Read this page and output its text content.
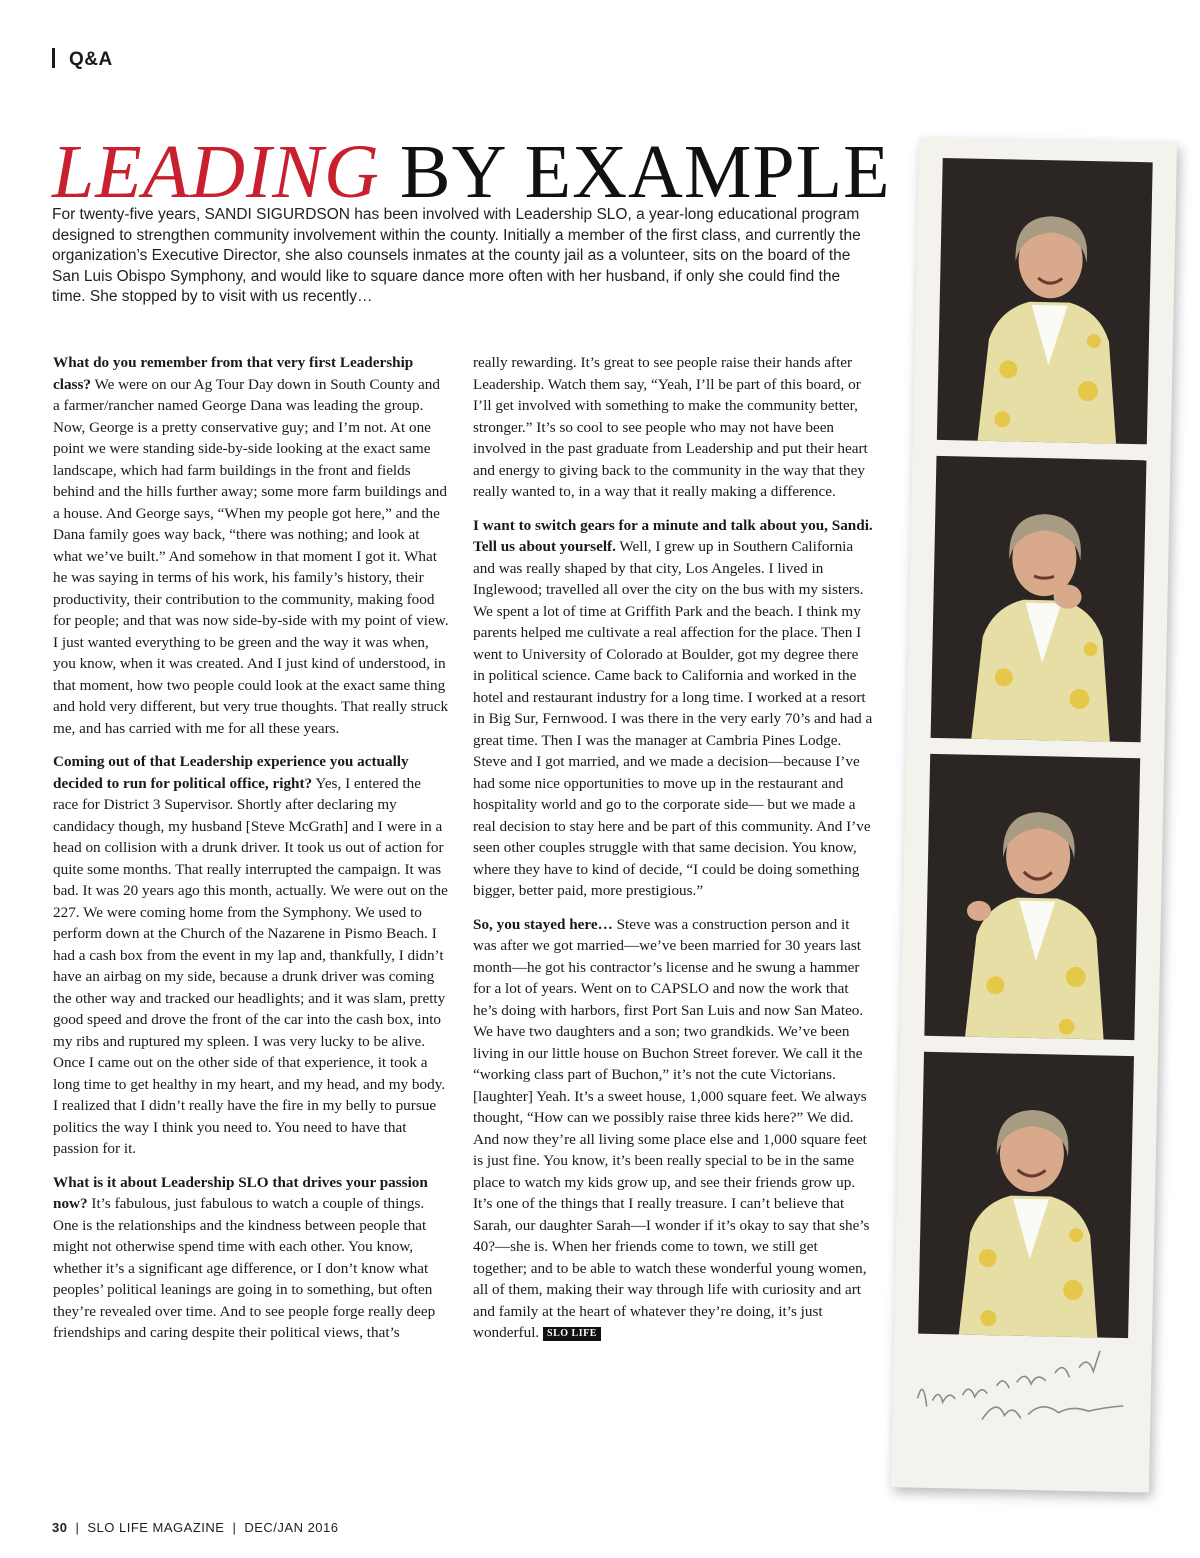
Q&A
LEADING BY EXAMPLE
For twenty-five years, SANDI SIGURDSON has been involved with Leadership SLO, a year-long educational program designed to strengthen community involvement within the county. Initially a member of the first class, and currently the organization’s Executive Director, she also counsels inmates at the county jail as a volunteer, sits on the board of the San Luis Obispo Symphony, and would like to square dance more often with her husband, if only she could find the time. She stopped by to visit with us recently…

What do you remember from that very first Leadership class? We were on our Ag Tour Day down in South County and a farmer/rancher named George Dana was leading the group. Now, George is a pretty conservative guy; and I’m not. At one point we were standing side-by-side looking at the exact same landscape, which had farm buildings in the front and fields behind and the hills further away; some more farm buildings and a house. And George says, “When my people got here,” and the Dana family goes way back, “there was nothing; and look at what we’ve built.” And somehow in that moment I got it. What he was saying in terms of his work, his family’s history, their productivity, their contribution to the community, making food for people; and that was now side-by-side with my point of view. I just wanted everything to be green and the way it was when, you know, when it was created. And I just kind of understood, in that moment, how two people could look at the exact same thing and hold very different, but very true thoughts. That really struck me, and has carried with me for all these years.

Coming out of that Leadership experience you actually decided to run for political office, right? Yes, I entered the race for District 3 Supervisor. Shortly after declaring my candidacy though, my husband [Steve McGrath] and I were in a head on collision with a drunk driver. It took us out of action for quite some months. That really interrupted the campaign. It was bad. It was 20 years ago this month, actually. We were out on the 227. We were coming home from the Symphony. We used to perform down at the Church of the Nazarene in Pismo Beach. I had a cash box from the event in my lap and, thankfully, I didn’t have an airbag on my side, because a drunk driver was coming the other way and tracked our headlights; and it was slam, pretty good speed and drove the front of the car into the cash box, into my ribs and ruptured my spleen. I was very lucky to be alive. Once I came out on the other side of that experience, it took a long time to get healthy in my heart, and my head, and my body. I realized that I didn’t really have the fire in my belly to pursue politics the way I think you need to. You need to have that passion for it.

What is it about Leadership SLO that drives your passion now? It’s fabulous, just fabulous to watch a couple of things. One is the relationships and the kindness between people that might not otherwise spend time with each other. You know, whether it’s a significant age difference, or I don’t know what peoples’ political leanings are going in to something, but often they’re revealed over time. And to see people forge really deep friendships and caring despite their political views, that’s

really rewarding. It’s great to see people raise their hands after Leadership. Watch them say, “Yeah, I’ll be part of this board, or I’ll get involved with something to make the community better, stronger.” It’s so cool to see people who may not have been involved in the past graduate from Leadership and put their heart and energy to giving back to the community in the way that they really wanted to, in a way that it really making a difference.

I want to switch gears for a minute and talk about you, Sandi. Tell us about yourself. Well, I grew up in Southern California and was really shaped by that city, Los Angeles. I lived in Inglewood; travelled all over the city on the bus with my sisters. We spent a lot of time at Griffith Park and the beach. I think my parents helped me cultivate a real affection for the place. Then I went to University of Colorado at Boulder, got my degree there in political science. Came back to California and worked in the hotel and restaurant industry for a long time. I worked at a resort in Big Sur, Fernwood. I was there in the very early 70’s and had a great time. Then I was the manager at Cambria Pines Lodge. Steve and I got married, and we made a decision—because I’ve had some nice opportunities to move up in the restaurant and hospitality world and go to the corporate side— but we made a real decision to stay here and be part of this community. And I’ve seen other couples struggle with that same decision. You know, where they have to kind of decide, “I could be doing something bigger, better paid, more prestigious.”

So, you stayed here… Steve was a construction person and it was after we got married—we’ve been married for 30 years last month—he got his contractor’s license and he swung a hammer for a lot of years. Went on to CAPSLO and now the work that he’s doing with harbors, first Port San Luis and now San Mateo. We have two daughters and a son; two grandkids. We’ve been living in our little house on Buchon Street forever. We call it the “working class part of Buchon,” it’s not the cute Victorians. [laughter] Yeah. It’s a sweet house, 1,000 square feet. We always thought, “How can we possibly raise three kids here?” We did. And now they’re all living some place else and 1,000 square feet is just fine. You know, it’s been really special to be in the same place to watch my kids grow up, and see their friends grow up. It’s one of the things that I really treasure. I can’t believe that Sarah, our daughter Sarah—I wonder if it’s okay to say that she’s 40?—she is. When her friends come to town, we still get together; and to be able to watch these wonderful young women, all of them, making their way through life with curiosity and art and family at the heart of whatever they’re doing, it’s just wonderful. SLO LIFE

30 | SLO LIFE MAGAZINE | DEC/JAN 2016
